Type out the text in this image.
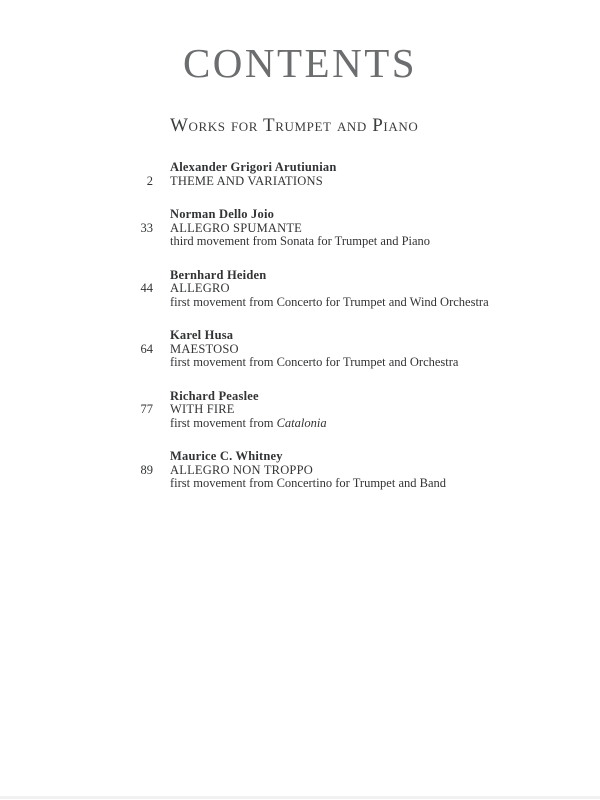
CONTENTS
Works for Trumpet and Piano
2
Alexander Grigori Arutiunian
THEME AND VARIATIONS
33
Norman Dello Joio
ALLEGRO SPUMANTE
third movement from Sonata for Trumpet and Piano
44
Bernhard Heiden
ALLEGRO
first movement from Concerto for Trumpet and Wind Orchestra
64
Karel Husa
MAESTOSO
first movement from Concerto for Trumpet and Orchestra
77
Richard Peaslee
WITH FIRE
first movement from Catalonia
89
Maurice C. Whitney
ALLEGRO NON TROPPO
first movement from Concertino for Trumpet and Band
